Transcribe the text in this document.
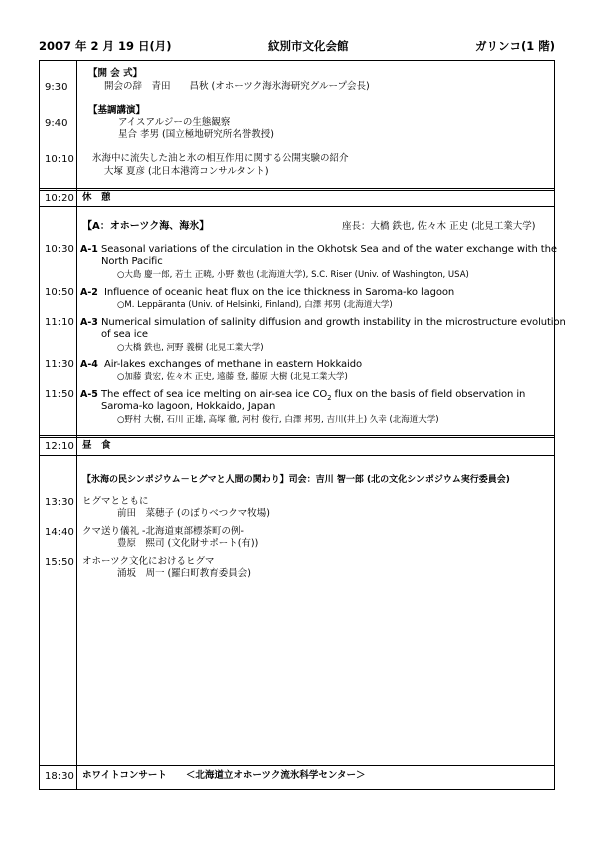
2007 年 2 月 19 日(月)	紋別市文化会館	ガリンコ(1 階)
【開 会 式】
9:30	開会の辞　青田　　昌秋 (オホーツク海氷海研究グループ会長)
【基調講演】
9:40	アイスアルジーの生態観察
星合 孝男 (国立極地研究所名誉教授)
10:10 氷海中に流失した油と氷の相互作用に関する公開実験の紹介
大塚 夏彦 (北日本港湾コンサルタント)
10:20 休　憩
【A：オホーツク海、海氷】	座長：大橋 鉄也, 佐々木 正史 (北見工業大学)
10:30 A-1 Seasonal variations of the circulation in the Okhotsk Sea and of the water exchange with the
North Pacific
○大島 慶一郎, 若土 正曉, 小野 数也 (北海道大学), S.C. Riser (Univ. of Washington, USA)
10:50 A-2 Influence of oceanic heat flux on the ice thickness in Saroma-ko lagoon
○M. Leppäranta (Univ. of Helsinki, Finland), 白澤 邦男 (北海道大学)
11:10 A-3 Numerical simulation of salinity diffusion and growth instability in the microstructure evolution
of sea ice
○大橋 鉄也, 河野 義樹 (北見工業大学)
11:30 A-4 Air-lakes exchanges of methane in eastern Hokkaido
○加藤 貴宏, 佐々木 正史, 遠藤 登, 藤原 大樹 (北見工業大学)
11:50 A-5 The effect of sea ice melting on air-sea ice $CO_2$ flux on the basis of field observation in
Saroma-ko lagoon, Hokkaido, Japan
○野村 大樹, 石川 正雄, 高塚 徹, 河村 俊行, 白澤 邦男, 吉川(井上) 久幸 (北海道大学)
12:10 昼　食
【氷海の民シンポジウム－ヒグマと人間の関わり】司会：吉川 智一郎 (北の文化シンポジウム実行委員会)
13:30 ヒグマとともに
前田　菜穂子 (のぼりべつクマ牧場)
14:40 クマ送り儀礼 -北海道東部標茶町の例-
豊原　熙司 (文化財サポート(有))
15:50 オホーツク文化におけるヒグマ
涌坂　周一 (羅臼町教育委員会)
18:30 ホワイトコンサート　　＜北海道立オホーツク流氷科学センター＞
